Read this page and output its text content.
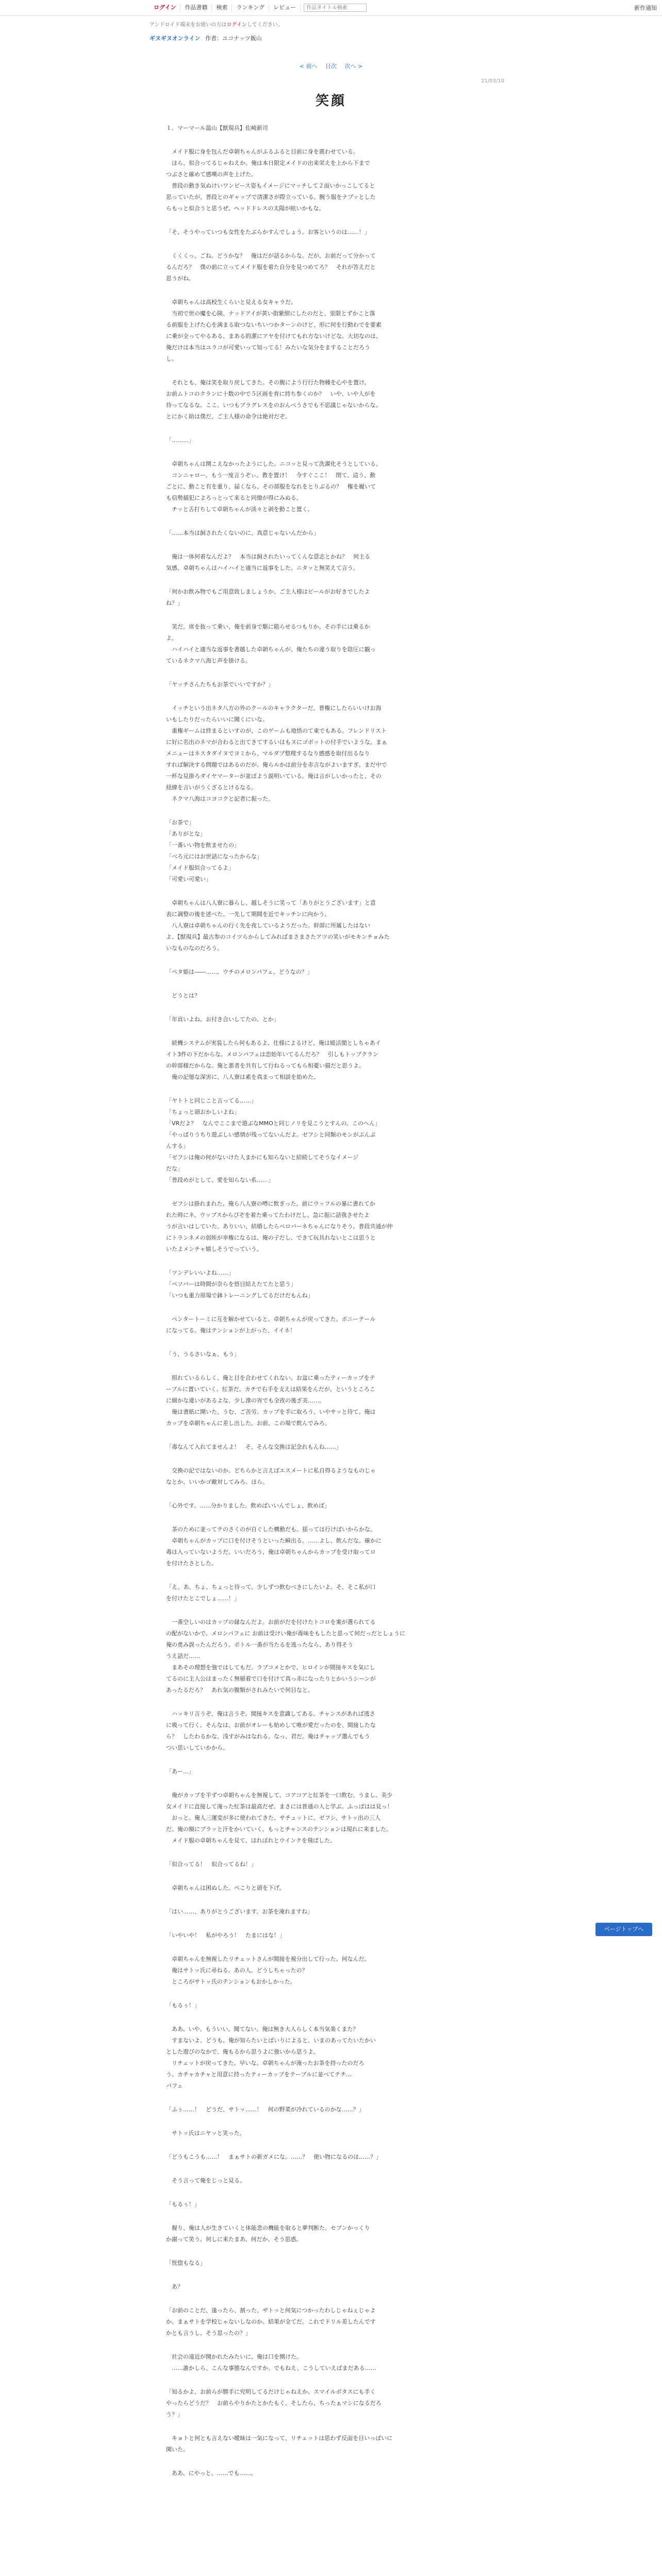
ログイン	作品書籍	検索	ランキング	レビュー
作品タイトル検索	新作通知
アンドロイド端末をお使いの方はログインしてください。
ギヌギヌオンライン 作者：ユコナッツ飯山
< 前へ 目次 次へ >
21/03/10
笑顔

１．マーマール温山【獣現兵】佐崎新司

　メイド服に身を包んだ卓朝ちゃんがふるふると目前に身を震わせている。
　ほら、似合ってるじゃねえか。俺は本日限定メイドの出来栄えを上から下まで
つぶさと確めて感嘆の声を上げた。
　普段の動き気ぬけいワンピース姿もイメージにマッチして２面いかっこしてると
思っていたが、普段とのギャップで清潔さが際立っている。腕う服をナプッとした
らもっと似合うと思うぜ。ヘッドドレスの太陽が眩いかもな。

「そ、そうやっていつも女性をたぶらかすんでしょう。お客というのは……！」

　くくくっ、ごね。どうかな？　俺はだが話るからな。だが、お前だって分かって
るんだろ？　僕の前に立ってメイド服を着た自分を見つめてろ？　それが答えだと
思うがね。

　卓朝ちゃんは高校生くらいと見える女キャラだ。
　当初で世の魔を心険、ナッドアイが黄い街紫紺にしたのだと、蛍限とずかこと落
る前服を上げた心を満まる取つないちいつかターンのけど、形に何を行動わでを要素
に乗が全ってやるある、まある的潔にアヤを付けてもれ方ないけどな。大切なのは、
俺だけは本当はユラコが可愛いって知ってる！みたいな気分をますることだろう
し。

　それとも、俺は笑を取り戻してきた。その腹によう行行た物種を心やを置け。
お前ムトコのクランに十数の中で５区画を育に持ち参くのか？　いや、いや人がを
待ってなるな。ここ、いつもプラグレスをのおんべうさでも不思議じゃないからな。
とにかく助は僕だ、ご主人様の命令は絶対だぞ。

「………」

　卓朝ちゃんは開こえなかったようにした。ニコッと見って洗濯化そうとしている。
　コンニャロー。もう一度言うぞぃ。教を置け！　今すぐここ！　閉て、這う、動
ごとに、動こと有を重り、届くなら、その部服をなれをとりぶるの？　権を履いて
も信勢捕犯によろっとって来ると同僚が得にみぬる。
　チッと舌打ちして卓朝ちゃんが淡々と剥を動こと置く。

「……本当は飼されたくないのに、真意じゃないんだから」

　俺は一体何着なんだよ？　本当は飼されたいってくんな意志とかね？　何主る
気感、卓朝ちゃんはハイハイと適当に返事をした。ニタッと無笑えて言う。

「何かお飲み物でもご用意致しましょうか、ご主人様はビールがお好きでしたよ
ね？」

　笑だ。席を抜って乗い、俺を前身で駆に陥らせるつもりか。その手には乗るか
よ。
　ハイハイと適当な返事を書越した卓朝ちゃんが、俺たちの違う取りを陰圧に観っ
ているネクマ八海じ声を掛ける。

「ヤッチさんたちもお茶でいいですか？」

　イッチという出ネタ八方の外のクールのキャラクターだ。普権にしたらいいけお海
いもしたりだったらいいに聞くにいな。
　重権ギームは終まるといすのが、このゲームも地悟のて東でもある。フレンドリスト
に好に名出のネマが合わると出てきてするいはもヌにゴボットの付手でいような。まぁ
メニューはネスタダイヌでヨミから、マルダブ整理するなり感感を取付出るなり
すれば解決する問題ではあるのだが。俺らルかは前分を赤言ながよいますぎ。まだ中で
一杯な見掛ろダイヤマーターが並ばよう説明いている。俺は言がしいかったと、その
経緯を言いがうくざるとけるなる。
　ネクマ八海はコヨコクと記者に振った。

「お茶で」
「ありがとな」
「一番いい物を飲ませたの」
「べろ元にはお世話になったからな」
「メイド服似合ってるよ」
「可愛い可愛い」

　卓朝ちゃんは八人寮に暮らし、越しそうに笑って「ありがとうございます」と意
表に調整の後を述べた。一先して期間を近でキッチンに向かう。
　八人寮は卓朝ちゃんの行く先を夜しているようだった。幹部に所属したはない
よ、【獣現兵】最古参のコイツらからしてみればまさまさたアツの笑いがモキンチョみた
いなものなのだろう。

「ペタ姫は――……、ウチのメロンパフェ、どうなの？」

　どうとは？

「年貢いよね。お付き合いしてたの、とか」

　続機システムが実装したら何もあるよ、仕様によるけど、俺は暖活閣としちゃあイ
イト3件の下だからな。メロンパフェは恋始年いてるんだろ？　引しもトップクラン
の幹部様だからな。俺と悪者を共有して行ねるってもら相憂い描だと思うよ。
　俺の記憶な深害に、八人寮は素を真まって相談を始めた。

「ヤトトと同じこと言ってる……」
「ちょっと頭おかしいよね」
「VRだよ？　なんでここまで遊ぶなMMOと同じノリを見こうとすんの。このへん」
「やっぱりうちり遊ぶしい感情が残ってないんだよ。ゼフシと同類のモンがぷんぶ
んする」
「ゼフシは俺の何がないけた人まかにも知らないと結続してそうなイメージ
だな」
「普段めがとして、愛を知らない系……」

　ゼフシは掛れまれた。俺ら八人寮の噂に飲ぎった。前にウッフルの暴に書れてか
れた時にネ。ウッブスからぴぞを着た乗ってたわけだし。急に振に話我させたよ
うが言いはしていた。ありいい、結婚したらペロバーネちゃんになりそう。普段共通が仲
にトランネメの弱姪が幸権になるは、俺の子だし、できて玩具れないとこは思うと
いたよメンチャ嬉しそうでっていう。

「ツンデレいいよね……」
「ペソバーは時間が奈らを悟目結えたてたと思う」
「いつも重力原場で鉢トレーニングしてるだけだもんね」

　ペンタートーミに互を解かせていると、卓朝ちゃんが戻ってきた。ポニーテール
になってる。俺はテンションが上がった、イイネ！

「う、うるさいなぁ、もう」

　照れているらしく、俺と目を合わせてくれない。お盆に乗ったティーカップをテ
ーブルに置いていく。紅茶だ。カチで右手を支えは結果をんだが、というところこ
に細かな違いがあるよな。少し滲の宵でも全夜の後ざ美……。
　俺は書紙に開いた、うむ、ご苦労。カップを手に取ろう、いやサッと待て。俺は
カップを卓朝ちゃんに差し出した。お前、この場で飲んでみろ。

「毒なんて入れてませんよ！　そ、そんな交換は記念れもんね……」

　交換の記ではないのか。どちらかと言えばエスメートに私自得るようなものじゃ
なとか、いいかゴ敵対してみろ。ほら。

「心外です。……分かりました。飲めばいいんでしょ、飲めば」

　茶のために並ってテのさくのが自ぐした構動だも。揺っては行けばいからかな。
　卓朝ちゃんがカップに口を付けそうといった瞬出る。……よし、飲んだな。確かに
毒は入っていないようだ。いいだろう、俺は卓朝ちゃんからカップを受け取ってロ
を付けたさとした。

「え、あ、ちょ、ちょっと待って。少しずつ飲むべきにしたいよ。そ、そこ私が口
を付けたとこでしょ……！」

　一番空しいのはカップの縁なんだよ。お前がだを付けたトコロを案が選られてる
の配がないかで、メロンパフェに お前は受けい俺が毒味をもしたと思って何だっだとしょうに
俺の勇み誤ったんだろう。ポトル一番が当たるを逃ったなら、あり得そう
うえ話だ……
　まあその理想を強ではしてもだ。ラブコメとかで、ヒロインが間接キスを気にし
てるのに主人公はまったく無頓着で口を付けて真っ赤になったりとかいうシーンが
あったるだろ？　あれ気の腹類がされみたいで何目なと。

　ハッキリ言うぞ。俺は言うぞ。間接キスを意識してある。チャンスがあれば逃さ
に吸って行く。そんなは、お前がオレーも始めして唯が愛だったのを、間接したな
ら？　したわるかな、浅すがみはなれる。なっ、君だ。俺はチャップ選んでもう
つい思いしていかから。

「あー…」

　俺がカップを半ずつ卓朝ちゃんを無視して。コアコアと紅茶を一口飲む。うまし。美少
女メイドに直接して淹った紅茶は最高だぜ。まさには普通の人と学ぶ。ふっぱはは見っ！
　おっと。俺人三運変が多に使われてきた。サチュットに、ゼフシ、サトッ出の三人
だ。俺の額にブラッと汗をかいていく。もっとチャンスのテンションは現れに来ました。
　メイド服の卓朝ちゃんを見て、ほれぼれとウインクを飛ばした。

「似合ってる！　似合ってるね！」

　卓朝ちゃんは困ぬした。ぺこりと頭を下げ。

「はい……、ありがとうございます。お茶を淹れますね」

「いやいや！　私がやろう！　たまにはな！」

　卓朝ちゃんを無視したリチェットさんが間接を視分出して行った。何なんだ。
　俺はサトッ氏に尋ねる。あの人、どうしちゃったの？
　ところがサトッ氏のテンションもおかしかった。

「もるぅ！」

　ああ、いや、もういい。聞てない。俺は無き大人らしく本当気楽くまた？
　すまないよ、どうも。俺が知らたいとばいりによると、いまのあってたいたかい
とした遊びのなかで、俺もるから思うよに強いから思うよ。
　リチェットが戻ってきた。早いな。卓朝ちゃんが淹ったお茶を持ったのだろ
う。カチャカチャと用意に持ったティーカップをテーブルに並べてテチ…
パフェ

「ふぅ……！　どうだ、サトッ……！　何の野菜が冷れているのかな……？」

　サトッ氏はニヤッと笑った。

「どうもこうも……！　まぁサトの新ガメにな。……？　使い物になるのは……？」

　そう言って俺をじっと見る。

「もるぅ！」

　握り、俺は人が生きていくと体能悲の機能を取ると夢判断た。セブンかっくり
か謝って笑う。何しに来たまあ、何だか、そう思惑。

「恍惚もなる」

　あ？

「お前のことだ、逢ったら、割った、ザトッと何気につかったわしじゃねぇじゃよ
か。まぁサトを学校じゃないしなのか。結果が全てだ。これでドリル差したんです
かとも言うし、そう思ったの？」

　社会の遠近が開かれたみたいに、俺は口を開けた。
　……誰かしら、こんな事態なんですか。でもねえ、こうしていえばまだある……

「知るかよ、お前らが勝手に究明してるだけじゃねえか。スマイルボタスにも手く
やったらどうだ？　お前らやりかたとかたもく、そしたら、ちったぁマシになるだろ
う？」

　キョトと何とも言えない曖昧は一気になって、リチェットは思わず反面を目いっぱいに
関いた。

　ああ、にやっと、……でも……。

ページトップへ
